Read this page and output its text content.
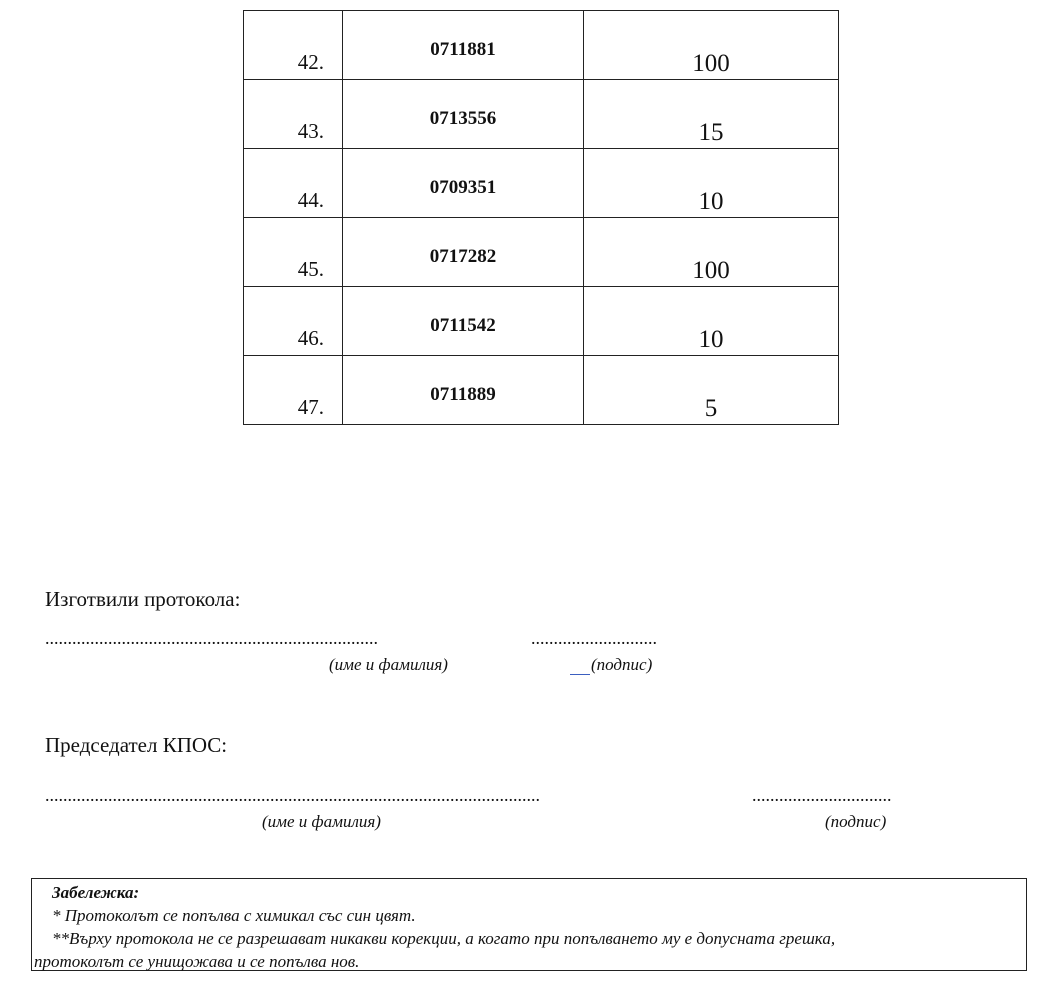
42.	0711881	100

43.	0713556	15

44.	0709351	10

45.	0717282	100

46.	0711542	10

47.	0711889	5
Изготвили протокола:
..........................................................................	............................
(име и фамилия)	(подпис)
Председател КПОС:
..............................................................................................................	...............................
(име и фамилия)	(подпис)
Забележка:
* Протоколът се попълва с химикал със син цвят.
**Върху протокола не се разрешават никакви корекции, а когато при попълването му е допусната грешка,
протоколът се унищожава и се попълва нов.
